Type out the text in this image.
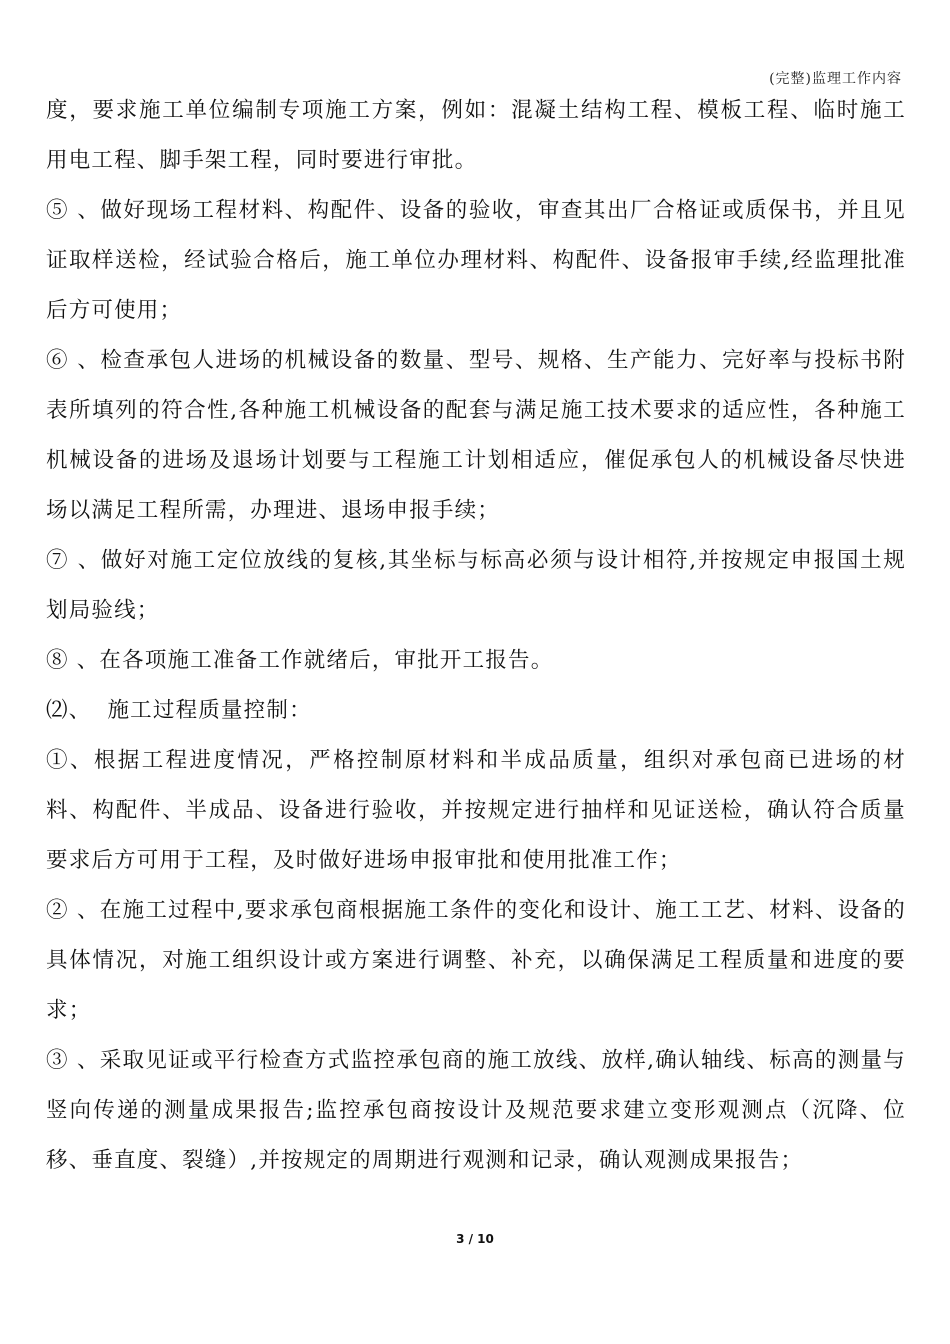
(完整)监理工作内容

度，要求施工单位编制专项施工方案，例如：混凝土结构工程、模板工程、临时施工用电工程、脚手架工程，同时要进行审批。

⑤ 、做好现场工程材料、构配件、设备的验收，审查其出厂合格证或质保书，并且见证取样送检，经试验合格后，施工单位办理材料、构配件、设备报审手续,经监理批准后方可使用；

⑥ 、检查承包人进场的机械设备的数量、型号、规格、生产能力、完好率与投标书附表所填列的符合性,各种施工机械设备的配套与满足施工技术要求的适应性，各种施工机械设备的进场及退场计划要与工程施工计划相适应，催促承包人的机械设备尽快进场以满足工程所需，办理进、退场申报手续；

⑦ 、做好对施工定位放线的复核,其坐标与标高必须与设计相符,并按规定申报国土规划局验线；

⑧ 、在各项施工准备工作就绪后，审批开工报告。

⑵、  施工过程质量控制：

①、根据工程进度情况，严格控制原材料和半成品质量，组织对承包商已进场的材料、构配件、半成品、设备进行验收，并按规定进行抽样和见证送检，确认符合质量要求后方可用于工程，及时做好进场申报审批和使用批准工作；

② 、在施工过程中,要求承包商根据施工条件的变化和设计、施工工艺、材料、设备的具体情况，对施工组织设计或方案进行调整、补充，以确保满足工程质量和进度的要求；

③ 、采取见证或平行检查方式监控承包商的施工放线、放样,确认轴线、标高的测量与竖向传递的测量成果报告;监控承包商按设计及规范要求建立变形观测点（沉降、位移、垂直度、裂缝）,并按规定的周期进行观测和记录，确认观测成果报告；

3 / 10
